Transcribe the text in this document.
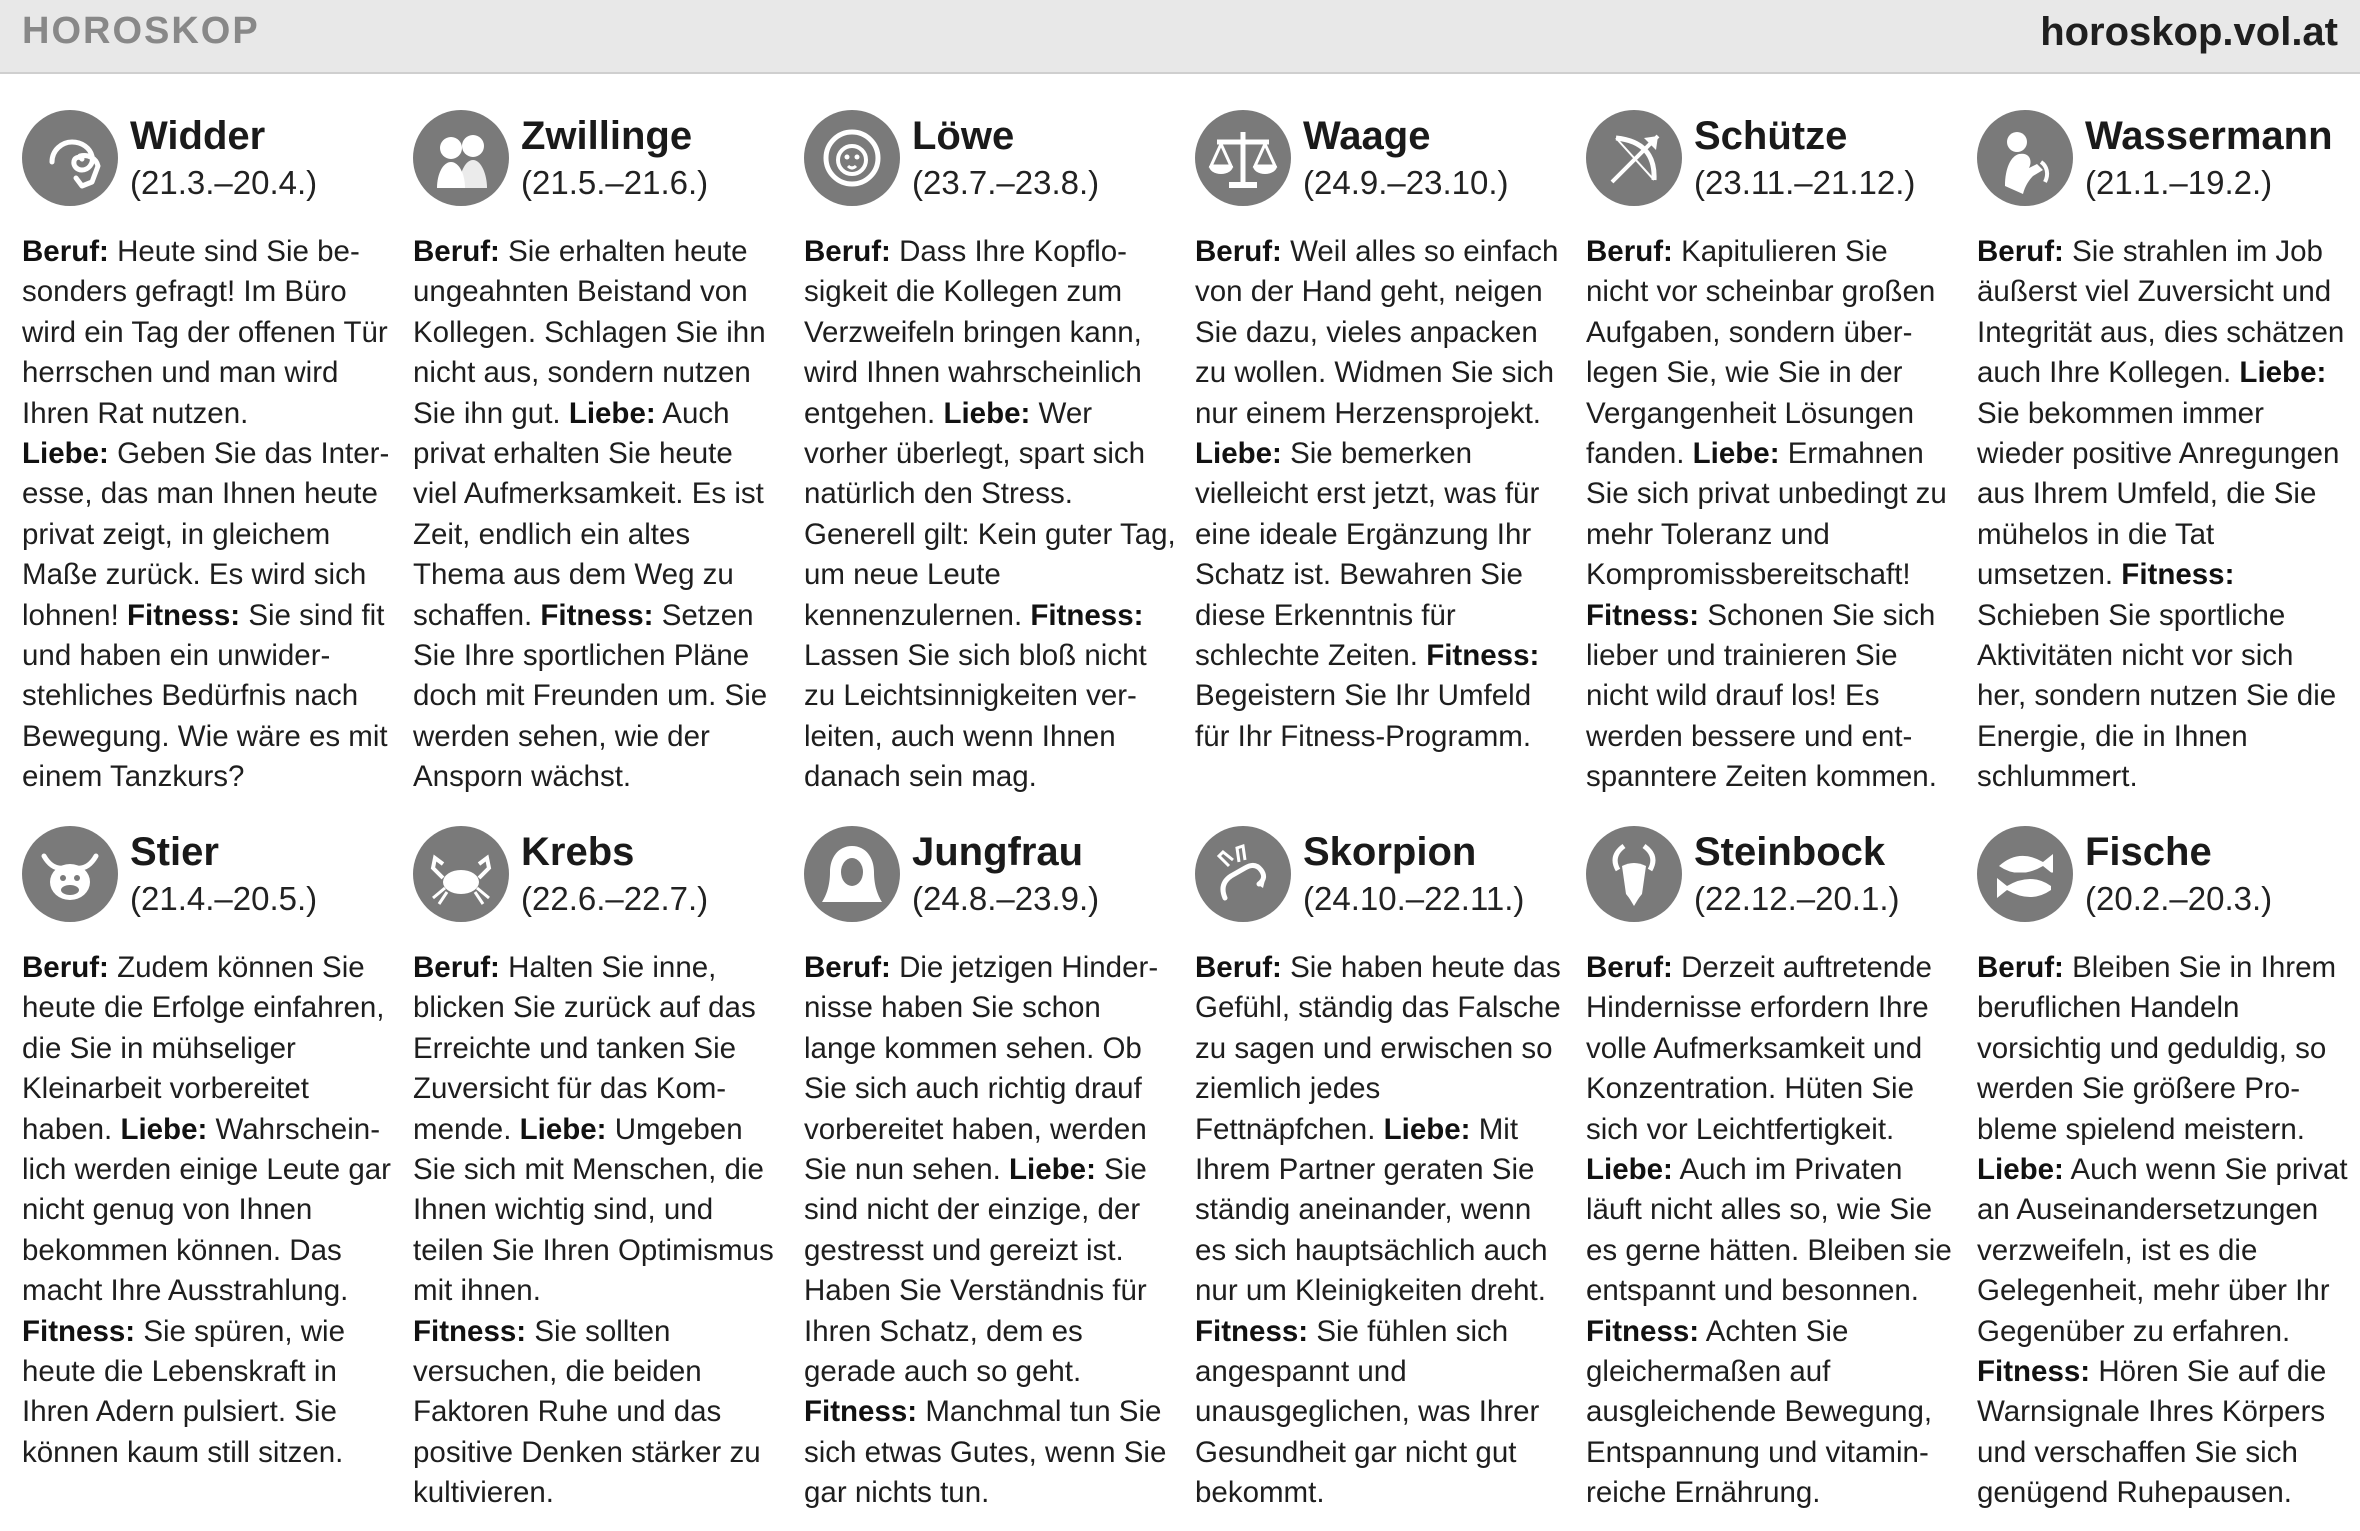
HOROSKOP	horoskop.vol.at
Widder
(21.3.–20.4.)
Beruf: Heute sind Sie besonders gefragt! Im Büro wird ein Tag der offenen Tür herrschen und man wird Ihren Rat nutzen.
Liebe: Geben Sie das Interesse, das man Ihnen heute privat zeigt, in gleichem Maße zurück. Es wird sich lohnen! Fitness: Sie sind fit und haben ein unwiderstehliches Bedürfnis nach Bewegung. Wie wäre es mit einem Tanzkurs?
Zwillinge
(21.5.–21.6.)
Beruf: Sie erhalten heute ungeahnten Beistand von Kollegen. Schlagen Sie ihn nicht aus, sondern nutzen Sie ihn gut. Liebe: Auch privat erhalten Sie heute viel Aufmerksamkeit. Es ist Zeit, endlich ein altes Thema aus dem Weg zu schaffen. Fitness: Setzen Sie Ihre sportlichen Pläne doch mit Freunden um. Sie werden sehen, wie der Ansporn wächst.
Löwe
(23.7.–23.8.)
Beruf: Dass Ihre Kopflosigkeit die Kollegen zum Verzweifeln bringen kann, wird Ihnen wahrscheinlich entgehen. Liebe: Wer vorher überlegt, spart sich natürlich den Stress. Generell gilt: Kein guter Tag, um neue Leute kennenzulernen. Fitness: Lassen Sie sich bloß nicht zu Leichtsinnigkeiten verleiten, auch wenn Ihnen danach sein mag.
Waage
(24.9.–23.10.)
Beruf: Weil alles so einfach von der Hand geht, neigen Sie dazu, vieles anpacken zu wollen. Widmen Sie sich nur einem Herzensprojekt. Liebe: Sie bemerken vielleicht erst jetzt, was für eine ideale Ergänzung Ihr Schatz ist. Bewahren Sie diese Erkenntnis für schlechte Zeiten. Fitness: Begeistern Sie Ihr Umfeld für Ihr Fitness-Programm.
Schütze
(23.11.–21.12.)
Beruf: Kapitulieren Sie nicht vor scheinbar großen Aufgaben, sondern überlegen Sie, wie Sie in der Vergangenheit Lösungen fanden. Liebe: Ermahnen Sie sich privat unbedingt zu mehr Toleranz und Kompromissbereitschaft!
Fitness: Schonen Sie sich lieber und trainieren Sie nicht wild drauf los! Es werden bessere und entspanntere Zeiten kommen.
Wassermann
(21.1.–19.2.)
Beruf: Sie strahlen im Job äußerst viel Zuversicht und Integrität aus, dies schätzen auch Ihre Kollegen. Liebe: Sie bekommen immer wieder positive Anregungen aus Ihrem Umfeld, die Sie mühelos in die Tat umsetzen. Fitness: Schieben Sie sportliche Aktivitäten nicht vor sich her, sondern nutzen Sie die Energie, die in Ihnen schlummert.
Stier
(21.4.–20.5.)
Beruf: Zudem können Sie heute die Erfolge einfahren, die Sie in mühseliger Kleinarbeit vorbereitet haben. Liebe: Wahrscheinlich werden einige Leute gar nicht genug von Ihnen bekommen können. Das macht Ihre Ausstrahlung.
Fitness: Sie spüren, wie heute die Lebenskraft in Ihren Adern pulsiert. Sie können kaum still sitzen.
Krebs
(22.6.–22.7.)
Beruf: Halten Sie inne, blicken Sie zurück auf das Erreichte und tanken Sie Zuversicht für das Kommende. Liebe: Umgeben Sie sich mit Menschen, die Ihnen wichtig sind, und teilen Sie Ihren Optimismus mit ihnen.
Fitness: Sie sollten versuchen, die beiden Faktoren Ruhe und das positive Denken stärker zu kultivieren.
Jungfrau
(24.8.–23.9.)
Beruf: Die jetzigen Hindernisse haben Sie schon lange kommen sehen. Ob Sie sich auch richtig drauf vorbereitet haben, werden Sie nun sehen. Liebe: Sie sind nicht der einzige, der gestresst und gereizt ist. Haben Sie Verständnis für Ihren Schatz, dem es gerade auch so geht.
Fitness: Manchmal tun Sie sich etwas Gutes, wenn Sie gar nichts tun.
Skorpion
(24.10.–22.11.)
Beruf: Sie haben heute das Gefühl, ständig das Falsche zu sagen und erwischen so ziemlich jedes Fettnäpfchen. Liebe: Mit Ihrem Partner geraten Sie ständig aneinander, wenn es sich hauptsächlich auch nur um Kleinigkeiten dreht. Fitness: Sie fühlen sich angespannt und unausgeglichen, was Ihrer Gesundheit gar nicht gut bekommt.
Steinbock
(22.12.–20.1.)
Beruf: Derzeit auftretende Hindernisse erfordern Ihre volle Aufmerksamkeit und Konzentration. Hüten Sie sich vor Leichtfertigkeit.
Liebe: Auch im Privaten läuft nicht alles so, wie Sie es gerne hätten. Bleiben sie entspannt und besonnen. Fitness: Achten Sie gleichermaßen auf ausgleichende Bewegung, Entspannung und vitaminreiche Ernährung.
Fische
(20.2.–20.3.)
Beruf: Bleiben Sie in Ihrem beruflichen Handeln vorsichtig und geduldig, so werden Sie größere Probleme spielend meistern.
Liebe: Auch wenn Sie privat an Auseinandersetzungen verzweifeln, ist es die Gelegenheit, mehr über Ihr Gegenüber zu erfahren.
Fitness: Hören Sie auf die Warnsignale Ihres Körpers und verschaffen Sie sich genügend Ruhepausen.
